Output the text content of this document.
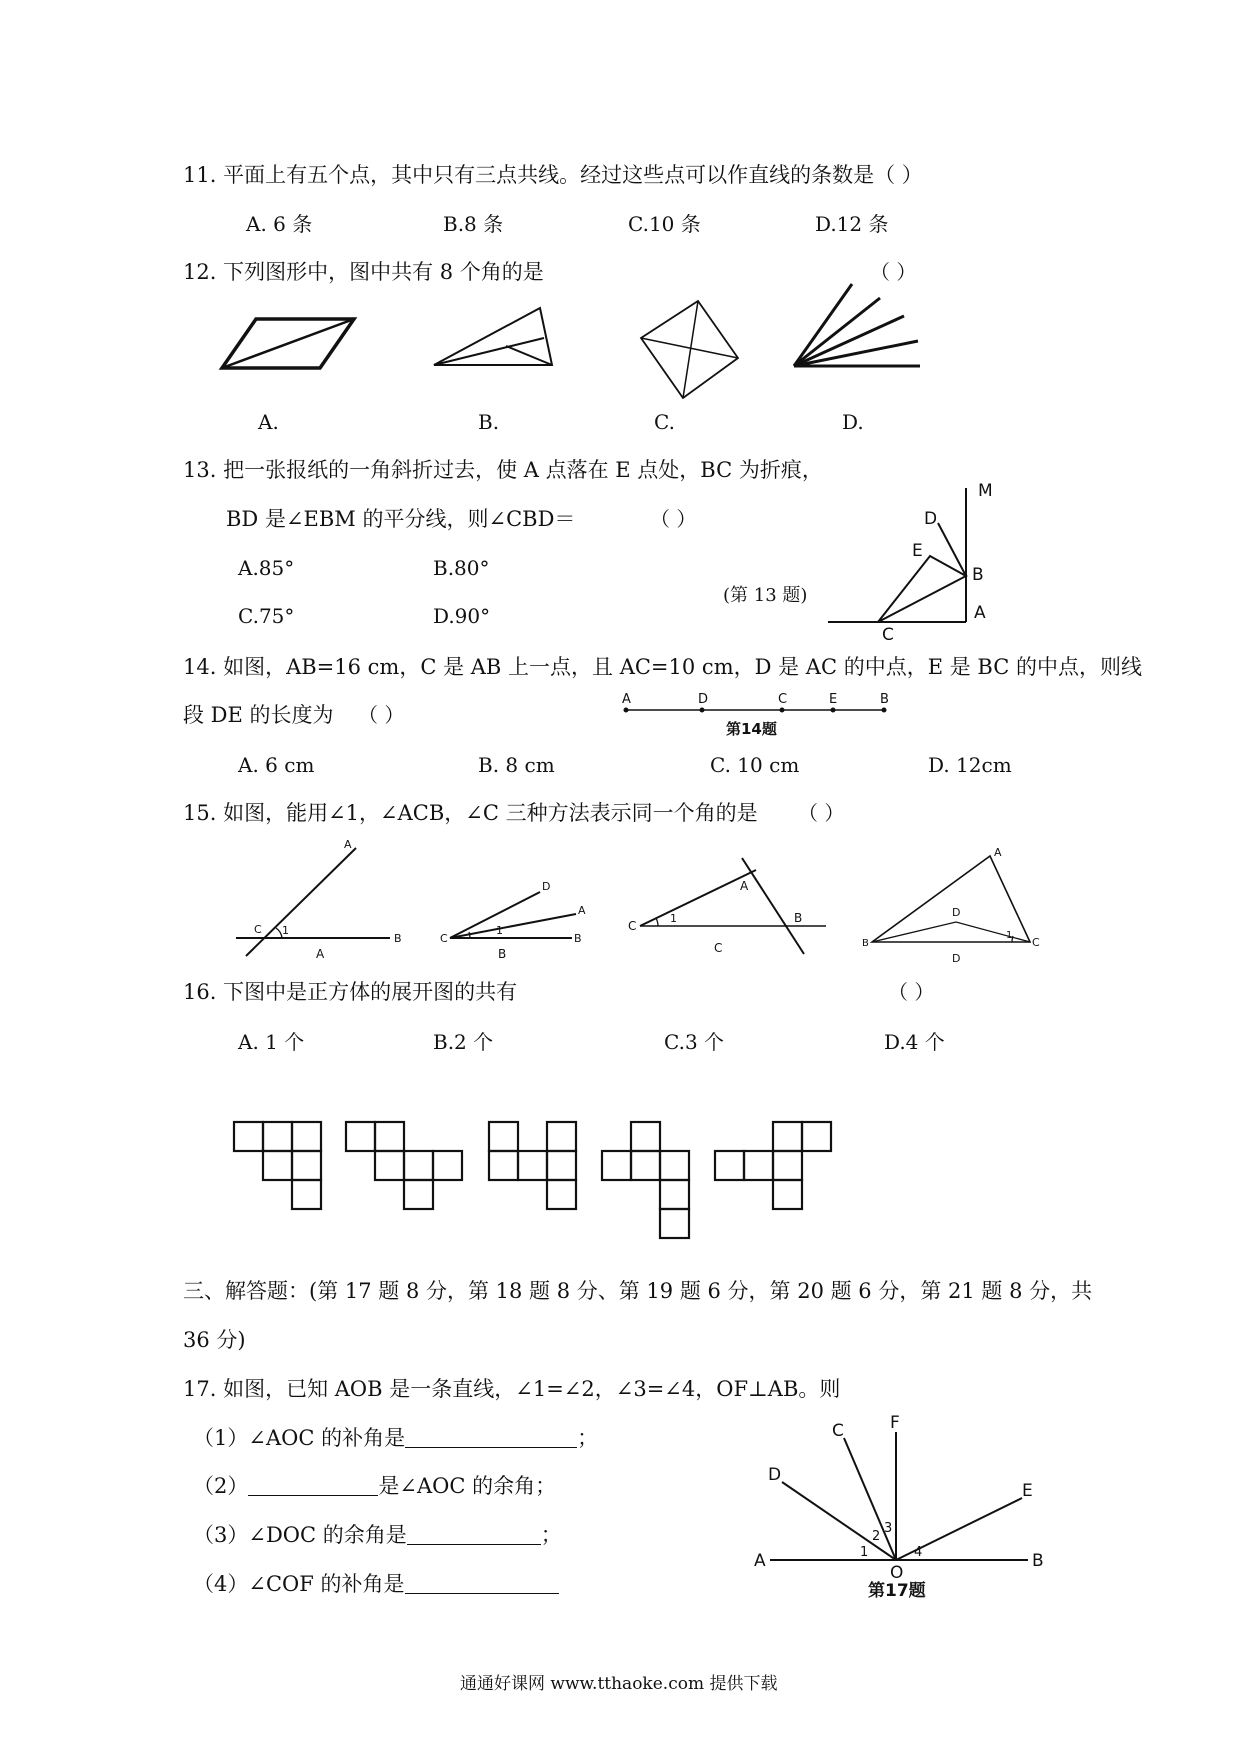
11. 平面上有五个点，其中只有三点共线。经过这些点可以作直线的条数是（ ）
A. 6 条	B.8 条	C.10 条	D.12 条
12. 下列图形中，图中共有 8 个角的是	（ ）
A.	B.	C.	D.
13. 把一张报纸的一角斜折过去，使 A 点落在 E 点处，BC 为折痕，
BD 是∠EBM 的平分线，则∠CBD＝	（ ）
A.85°	B.80°
C.75°	D.90°
(第 13 题)
M
D
E
B
A
C
14. 如图，AB=16 cm，C 是 AB 上一点，且 AC=10 cm，D 是 AC 的中点，E 是 BC 的中点，则线
段 DE 的长度为 （ ）
A	D	C	E	B
第14题
A. 6 cm	B. 8 cm	C. 10 cm	D. 12cm
15. 如图，能用∠1，∠ACB，∠C 三种方法表示同一个角的是 （ ）
A
C 1
B
A
D
A
C
1
B
B
A
C
1	B
C
A
D
B	C
1
D
16. 下图中是正方体的展开图的共有	（ ）
A. 1 个	B.2 个	C.3 个	D.4 个
三、解答题：(第 17 题 8 分，第 18 题 8 分、第 19 题 6 分，第 20 题 6 分，第 21 题 8 分，共
36 分)
17. 如图，已知 AOB 是一条直线，∠1=∠2，∠3=∠4，OF⊥AB。则
（1）∠AOC 的补角是	；
（2）	是∠AOC 的余角；
（3）∠DOC 的余角是	；
（4）∠COF 的补角是
F
C
D
E
A
O
B
1
2
3
4
第17题
通通好课网 www.tthaoke.com 提供下载
